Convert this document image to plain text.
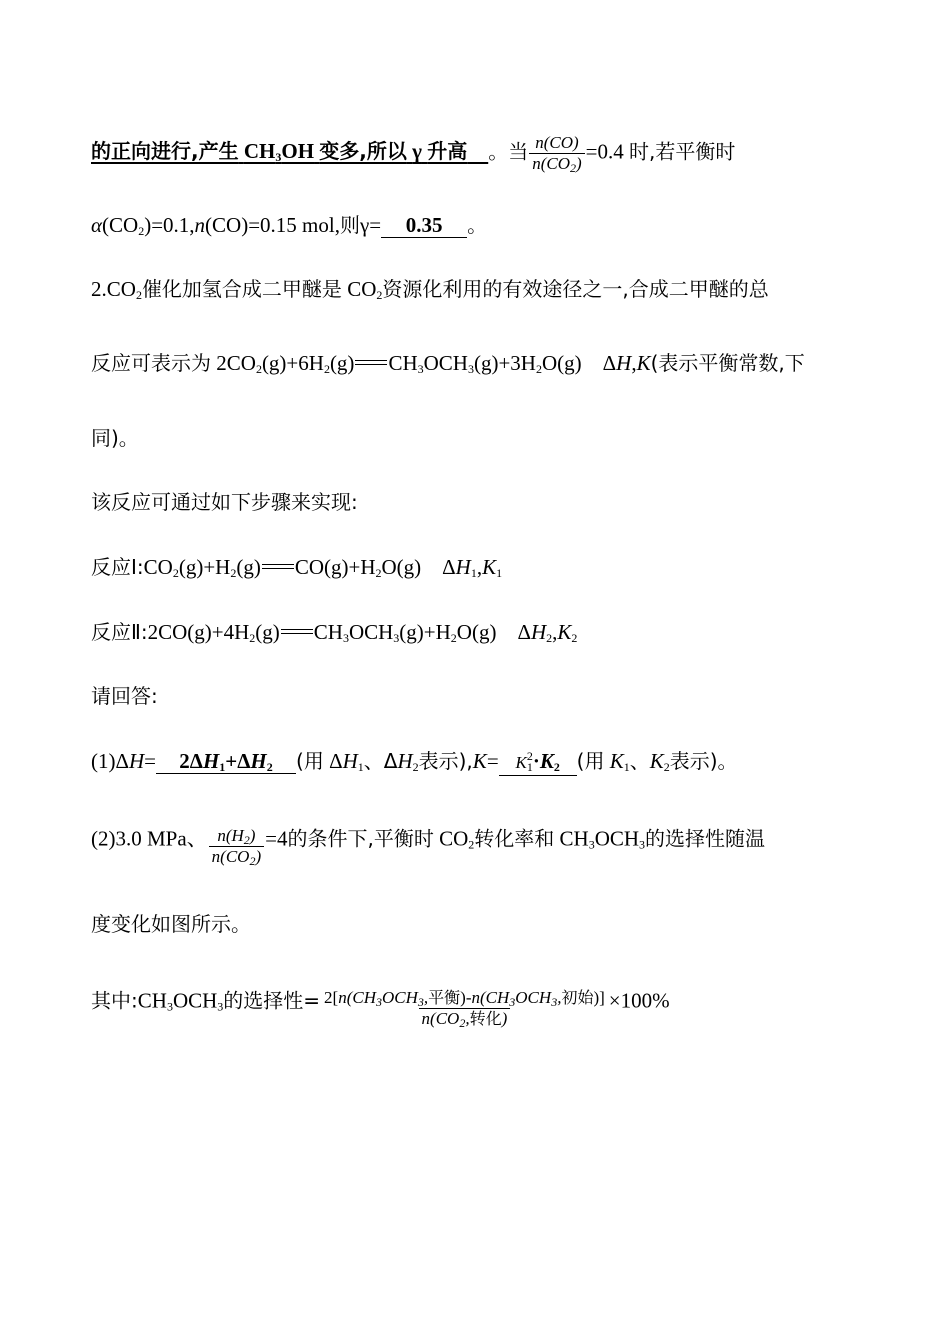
的正向进行,产生 $CH_3OH$ 变多,所以 γ 升高 。当 $\frac{n(CO)}{n(CO_2)} =0.4$ 时,若平衡时
$\alpha(CO_2)=0.1,n(CO)=0.15$ mol,则γ= 0.35 。
$2.CO_2$催化加氢合成二甲醚是 $CO_2$资源化利用的有效途径之一,合成二甲醚的总
反应可表示为 $2CO_2(g)+6H_2(g)$ $CH_3OCH_3(g)+3H_2O(g)$ ΔH,K(表示平衡常数,下
同)。
该反应可通过如下步骤来实现:
反应$Ⅰ:CO_2(g)+H_2(g)$ $CO(g)+H_2O(g)$ $\Delta H_1,K_1$
反应$Ⅱ:2CO(g)+4H_2(g)$ $CH_3OCH_3(g)+H_2O(g)$ $\Delta H_2,K_2$
请回答:
$(1)\Delta H= 2\Delta H_1+\Delta H_2$ (用 $\Delta H_1$、$\Delta H_2$表示)$,K= K^2_1\cdot K_2$ (用 $K_1$、$K_2$表示)。
(2)3.0 MPa、 $\frac{n(H_2)}{n(CO_2)} =4$的条件下,平衡时 $CO_2$转化率和 $CH_3OCH_3$的选择性随温
度变化如图所示。
其中$:CH_3OCH_3$的选择性= $\frac{2[n(CH_3OCH_3,平衡)-n(CH_3OCH_3,初始)]}{n(CO_2,转化)} \times 100\%$
